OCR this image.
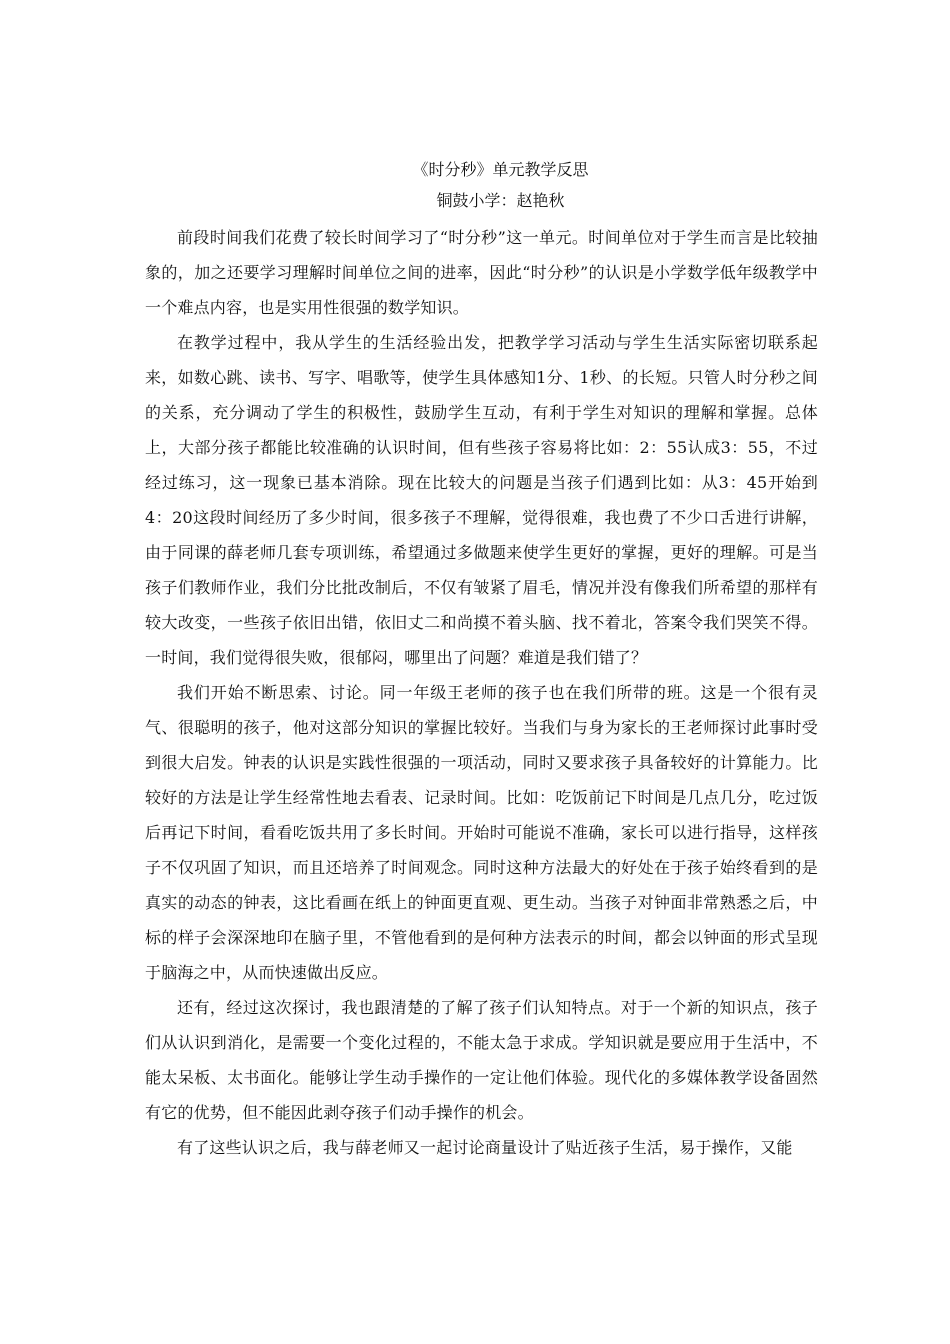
《时分秒》单元教学反思

铜鼓小学：赵艳秋

前段时间我们花费了较长时间学习了“时分秒”这一单元。时间单位对于学生而言是比较抽象的，加之还要学习理解时间单位之间的进率，因此“时分秒”的认识是小学数学低年级教学中一个难点内容，也是实用性很强的数学知识。

在教学过程中，我从学生的生活经验出发，把教学学习活动与学生生活实际密切联系起来，如数心跳、读书、写字、唱歌等，使学生具体感知1分、1秒、的长短。只管人时分秒之间的关系，充分调动了学生的积极性，鼓励学生互动，有利于学生对知识的理解和掌握。总体上，大部分孩子都能比较准确的认识时间，但有些孩子容易将比如：2：55认成3：55，不过经过练习，这一现象已基本消除。现在比较大的问题是当孩子们遇到比如：从3：45开始到4：20这段时间经历了多少时间，很多孩子不理解，觉得很难，我也费了不少口舌进行讲解，由于同课的薛老师几套专项训练，希望通过多做题来使学生更好的掌握，更好的理解。可是当孩子们教师作业，我们分比批改制后，不仅有皱紧了眉毛，情况并没有像我们所希望的那样有较大改变，一些孩子依旧出错，依旧丈二和尚摸不着头脑、找不着北，答案令我们哭笑不得。一时间，我们觉得很失败，很郁闷，哪里出了问题？难道是我们错了？

我们开始不断思索、讨论。同一年级王老师的孩子也在我们所带的班。这是一个很有灵气、很聪明的孩子，他对这部分知识的掌握比较好。当我们与身为家长的王老师探讨此事时受到很大启发。钟表的认识是实践性很强的一项活动，同时又要求孩子具备较好的计算能力。比较好的方法是让学生经常性地去看表、记录时间。比如：吃饭前记下时间是几点几分，吃过饭后再记下时间，看看吃饭共用了多长时间。开始时可能说不准确，家长可以进行指导，这样孩子不仅巩固了知识，而且还培养了时间观念。同时这种方法最大的好处在于孩子始终看到的是真实的动态的钟表，这比看画在纸上的钟面更直观、更生动。当孩子对钟面非常熟悉之后，中标的样子会深深地印在脑子里，不管他看到的是何种方法表示的时间，都会以钟面的形式呈现于脑海之中，从而快速做出反应。

还有，经过这次探讨，我也跟清楚的了解了孩子们认知特点。对于一个新的知识点，孩子们从认识到消化，是需要一个变化过程的，不能太急于求成。学知识就是要应用于生活中，不能太呆板、太书面化。能够让学生动手操作的一定让他们体验。现代化的多媒体教学设备固然有它的优势，但不能因此剥夺孩子们动手操作的机会。

有了这些认识之后，我与薛老师又一起讨论商量设计了贴近孩子生活，易于操作，又能
